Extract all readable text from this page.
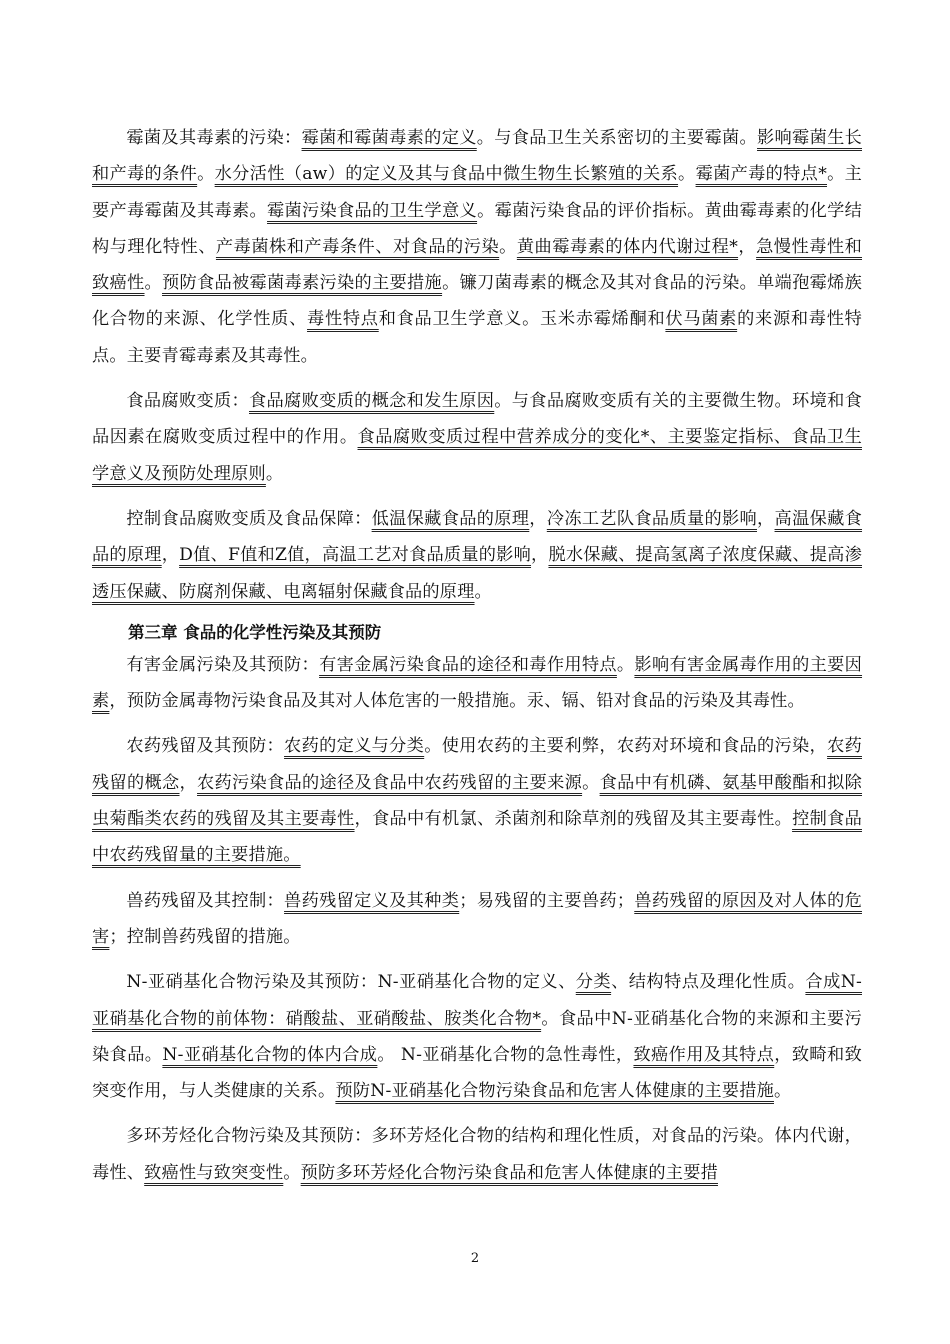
霉菌及其毒素的污染：霉菌和霉菌毒素的定义。与食品卫生关系密切的主要霉菌。影响霉菌生长和产毒的条件。水分活性（aw）的定义及其与食品中微生物生长繁殖的关系。霉菌产毒的特点*。主要产毒霉菌及其毒素。霉菌污染食品的卫生学意义。霉菌污染食品的评价指标。黄曲霉毒素的化学结构与理化特性、产毒菌株和产毒条件、对食品的污染。黄曲霉毒素的体内代谢过程*，急慢性毒性和致癌性。预防食品被霉菌毒素污染的主要措施。镰刀菌毒素的概念及其对食品的污染。单端孢霉烯族化合物的来源、化学性质、毒性特点和食品卫生学意义。玉米赤霉烯酮和伏马菌素的来源和毒性特点。主要青霉毒素及其毒性。

食品腐败变质：食品腐败变质的概念和发生原因。与食品腐败变质有关的主要微生物。环境和食品因素在腐败变质过程中的作用。食品腐败变质过程中营养成分的变化*、主要鉴定指标、食品卫生学意义及预防处理原则。

控制食品腐败变质及食品保障：低温保藏食品的原理，冷冻工艺队食品质量的影响，高温保藏食品的原理，D值、F值和Z值，高温工艺对食品质量的影响，脱水保藏、提高氢离子浓度保藏、提高渗透压保藏、防腐剂保藏、电离辐射保藏食品的原理。

第三章 食品的化学性污染及其预防

有害金属污染及其预防：有害金属污染食品的途径和毒作用特点。影响有害金属毒作用的主要因素，预防金属毒物污染食品及其对人体危害的一般措施。汞、镉、铅对食品的污染及其毒性。

农药残留及其预防：农药的定义与分类。使用农药的主要利弊，农药对环境和食品的污染，农药残留的概念，农药污染食品的途径及食品中农药残留的主要来源。食品中有机磷、氨基甲酸酯和拟除虫菊酯类农药的残留及其主要毒性，食品中有机氯、杀菌剂和除草剂的残留及其主要毒性。控制食品中农药残留量的主要措施。

兽药残留及其控制：兽药残留定义及其种类；易残留的主要兽药；兽药残留的原因及对人体的危害；控制兽药残留的措施。

N-亚硝基化合物污染及其预防：N-亚硝基化合物的定义、分类、结构特点及理化性质。合成N-亚硝基化合物的前体物：硝酸盐、亚硝酸盐、胺类化合物*。食品中N-亚硝基化合物的来源和主要污染食品。N-亚硝基化合物的体内合成。 N-亚硝基化合物的急性毒性，致癌作用及其特点，致畸和致突变作用，与人类健康的关系。预防N-亚硝基化合物污染食品和危害人体健康的主要措施。

多环芳烃化合物污染及其预防：多环芳烃化合物的结构和理化性质，对食品的污染。体内代谢，毒性、致癌性与致突变性。预防多环芳烃化合物污染食品和危害人体健康的主要措

2
